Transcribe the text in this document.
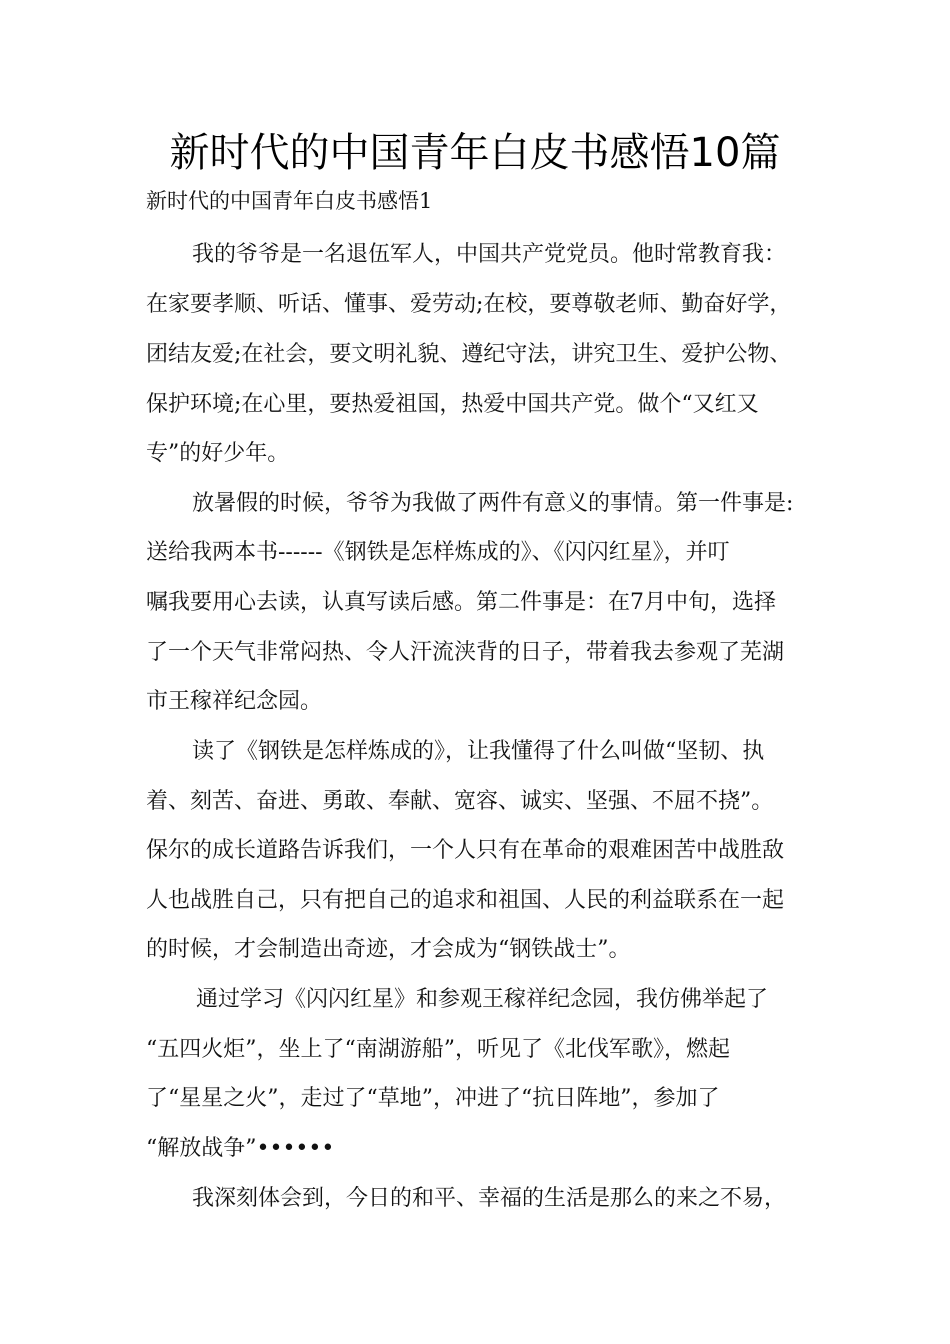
新时代的中国青年白皮书感悟10篇
新时代的中国青年白皮书感悟1
我的爷爷是一名退伍军人，中国共产党党员。他时常教育我：
在家要孝顺、听话、懂事、爱劳动;在校，要尊敬老师、勤奋好学，
团结友爱;在社会，要文明礼貌、遵纪守法，讲究卫生、爱护公物、
保护环境;在心里，要热爱祖国，热爱中国共产党。做个“又红又
专”的好少年。
放暑假的时候，爷爷为我做了两件有意义的事情。第一件事是:
送给我两本书------《钢铁是怎样炼成的》、《闪闪红星》，并叮
嘱我要用心去读，认真写读后感。第二件事是：在7月中旬，选择
了一个天气非常闷热、令人汗流浃背的日子，带着我去参观了芜湖
市王稼祥纪念园。
读了《钢铁是怎样炼成的》，让我懂得了什么叫做“坚韧、执
着、刻苦、奋进、勇敢、奉献、宽容、诚实、坚强、不屈不挠”。
保尔的成长道路告诉我们，一个人只有在革命的艰难困苦中战胜敌
人也战胜自己，只有把自己的追求和祖国、人民的利益联系在一起
的时候，才会制造出奇迹，才会成为“钢铁战士”。
通过学习《闪闪红星》和参观王稼祥纪念园，我仿佛举起了
“五四火炬”，坐上了“南湖游船”，听见了《北伐军歌》，燃起
了“星星之火”，走过了“草地”，冲进了“抗日阵地”，参加了
“解放战争”••••••
我深刻体会到，今日的和平、幸福的生活是那么的来之不易，
